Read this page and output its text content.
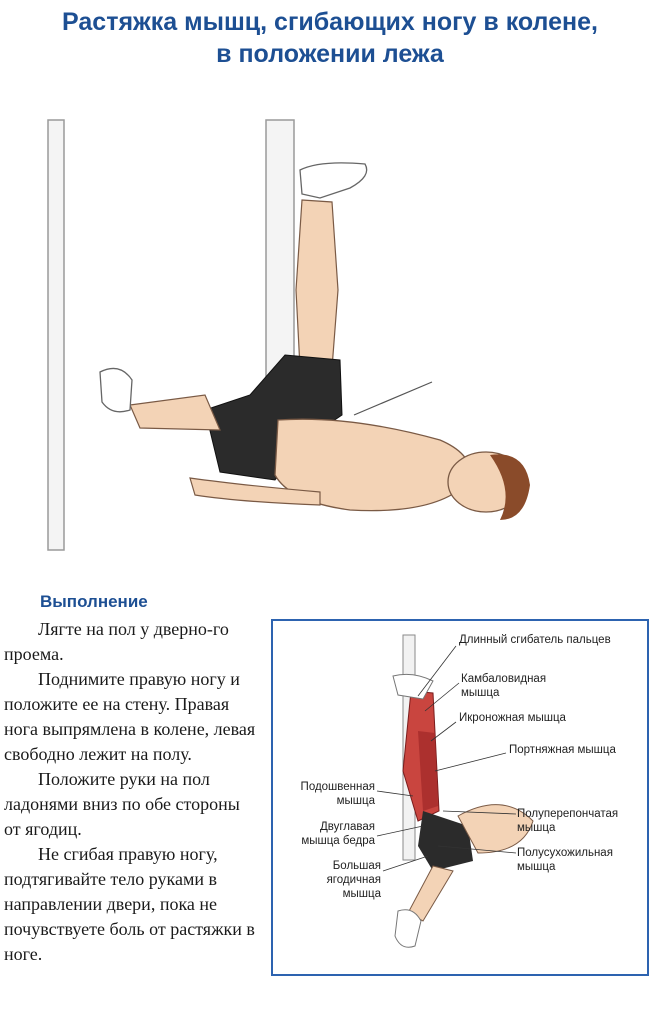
Растяжка мышц, сгибающих ногу в колене,
в положении лежа
Выполнение

Лягте на пол у дверно-го проема.

Поднимите правую ногу и положите ее на стену. Правая нога выпрямлена в колене, левая свободно лежит на полу.

Положите руки на пол ладонями вниз по обе стороны от ягодиц.

Не сгибая правую ногу, подтягивайте тело руками в направлении двери, пока не почувствуете боль от растяжки в ноге.

Длинный сгибатель пальцев
Камбаловидная мышца
Икроножная мышца
Портняжная мышца
Подошвенная мышца
Полуперепончатая мышца
Двуглавая мышца бедра
Полусухожильная мышца
Большая ягодичная мышца
